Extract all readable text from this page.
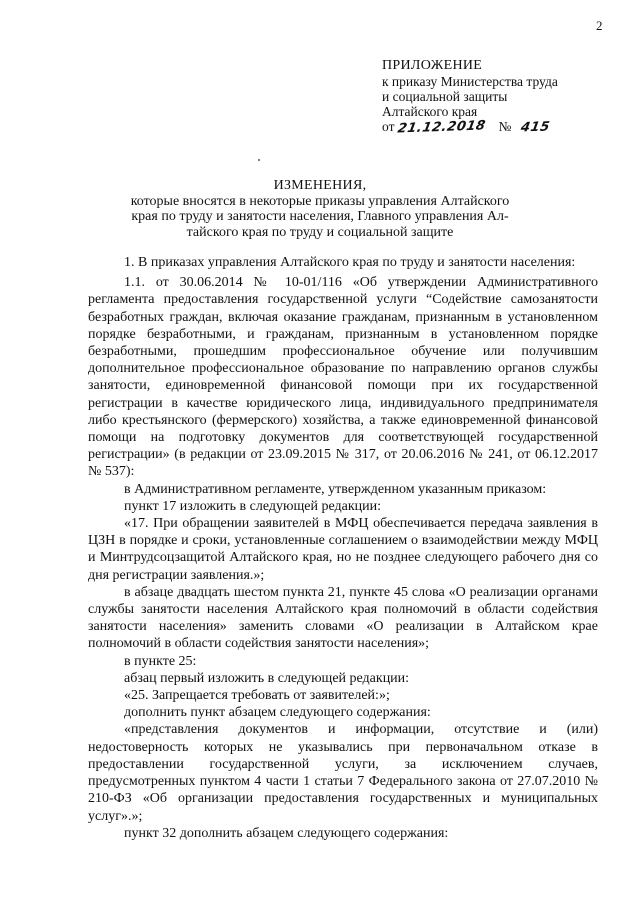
2
ПРИЛОЖЕНИЕ
к приказу Министерства труда
и социальной защиты
Алтайского края
от 21.12.2018 № 415
ИЗМЕНЕНИЯ,
которые вносятся в некоторые приказы управления Алтайского
края по труду и занятости населения, Главного управления Ал-
тайского края по труду и социальной защите

1. В приказах управления Алтайского края по труду и занятости населения:

1.1. от 30.06.2014 № 10-01/116 «Об утверждении Административного регламента предоставления государственной услуги “Содействие самозанятости безработных граждан, включая оказание гражданам, признанным в установленном порядке безработными, и гражданам, признанным в установленном порядке безработными, прошедшим профессиональное обучение или получившим дополнительное профессиональное образование по направлению органов службы занятости, единовременной финансовой помощи при их государственной регистрации в качестве юридического лица, индивидуального предпринимателя либо крестьянского (фермерского) хозяйства, а также единовременной финансовой помощи на подготовку документов для соответствующей государственной регистрации» (в редакции от 23.09.2015 № 317, от 20.06.2016 № 241, от 06.12.2017 № 537):

в Административном регламенте, утвержденном указанным приказом:

пункт 17 изложить в следующей редакции:

«17. При обращении заявителей в МФЦ обеспечивается передача заявления в ЦЗН в порядке и сроки, установленные соглашением о взаимодействии между МФЦ и Минтрудсоцзащитой Алтайского края, но не позднее следующего рабочего дня со дня регистрации заявления.»;

в абзаце двадцать шестом пункта 21, пункте 45 слова «О реализации органами службы занятости населения Алтайского края полномочий в области содействия занятости населения» заменить словами «О реализации в Алтайском крае полномочий в области содействия занятости населения»;

в пункте 25:

абзац первый изложить в следующей редакции:

«25. Запрещается требовать от заявителей:»;

дополнить пункт абзацем следующего содержания:

«представления документов и информации, отсутствие и (или) недостоверность которых не указывались при первоначальном отказе в предоставлении государственной услуги, за исключением случаев, предусмотренных пунктом 4 части 1 статьи 7 Федерального закона от 27.07.2010 № 210-ФЗ «Об организации предоставления государственных и муниципальных услуг».»;

пункт 32 дополнить абзацем следующего содержания:
